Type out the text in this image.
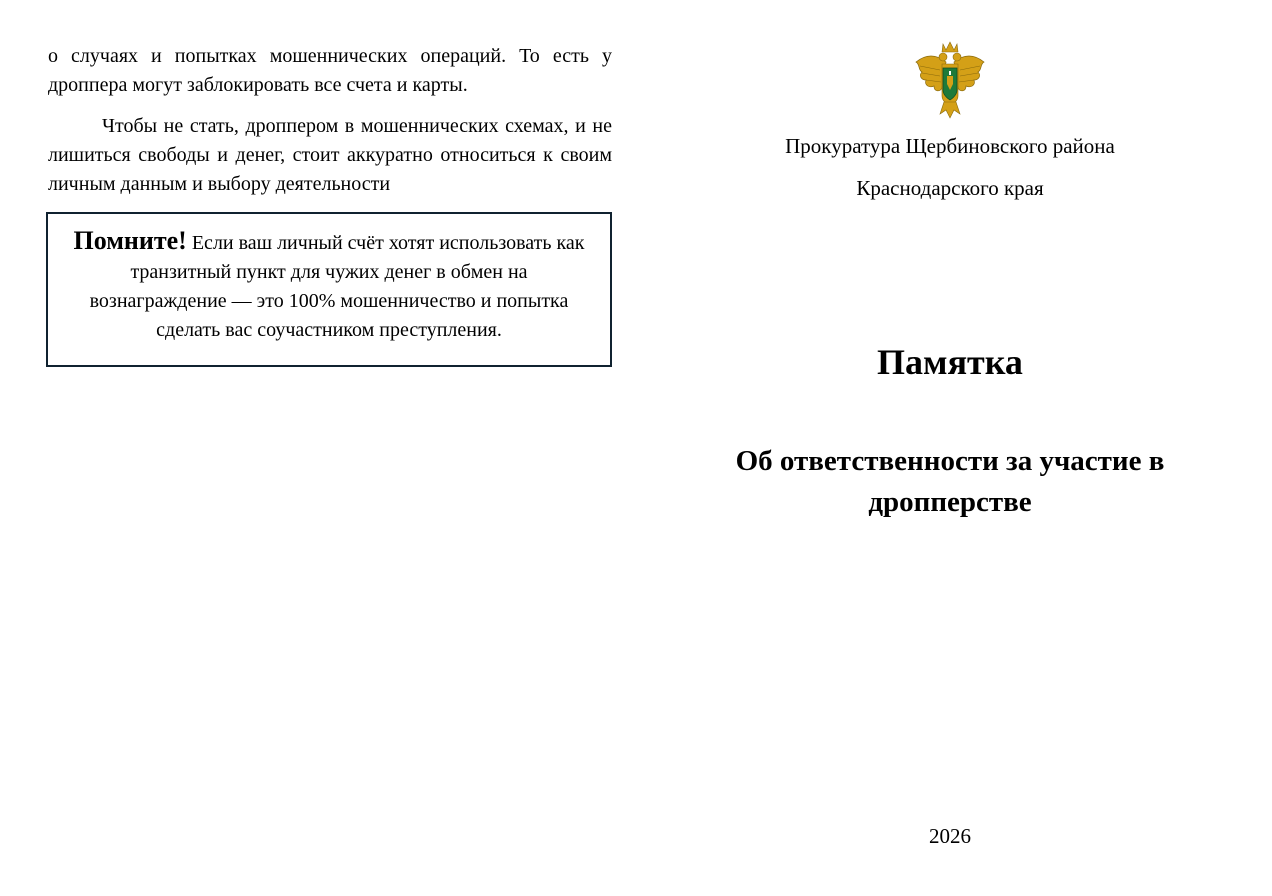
о случаях и попытках мошеннических операций. То есть у дроппера могут заблокировать все счета и карты.

Чтобы не стать, дроппером в мошеннических схемах, и не лишиться свободы и денег, стоит аккуратно относиться к своим личным данным и выбору деятельности

Помните! Если ваш личный счёт хотят использовать как транзитный пункт для чужих денег в обмен на вознаграждение — это 100% мошенничество и попытка сделать вас соучастником преступления.

Прокуратура Щербиновского района

Краснодарского края

Памятка
Об ответственности за участие в дропперстве

2026
